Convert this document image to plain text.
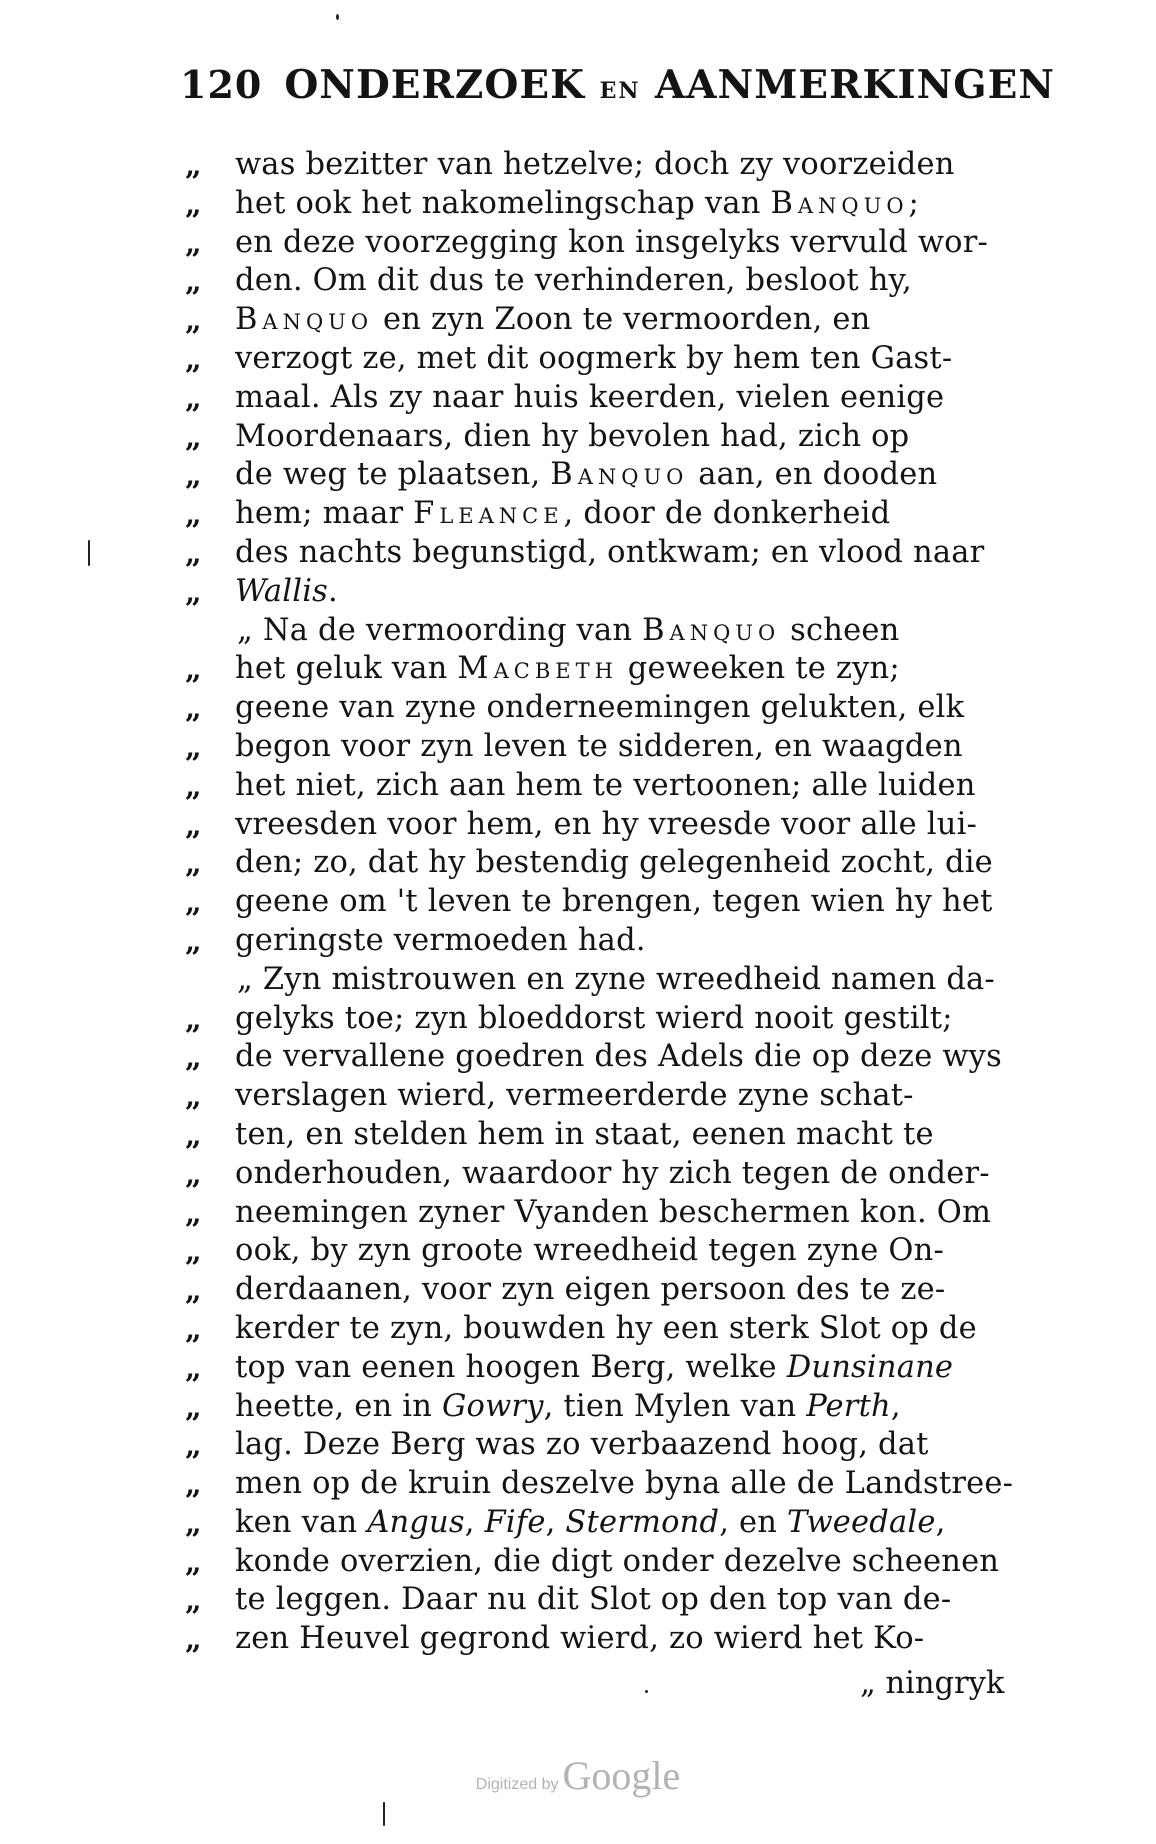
120 ONDERZOEK EN AANMERKINGEN
„ was bezitter van hetzelve; doch zy voorzeiden
„ het ook het nakomelingschap van Banquo;
„ en deze voorzegging kon insgelyks vervuld wor-
„ den. Om dit dus te verhinderen, besloot hy,
„ Banquo en zyn Zoon te vermoorden, en
„ verzogt ze, met dit oogmerk by hem ten Gast-
„ maal. Als zy naar huis keerden, vielen eenige
„ Moordenaars, dien hy bevolen had, zich op
„ de weg te plaatsen, Banquo aan, en dooden
„ hem; maar Fleance, door de donkerheid
„ des nachts begunstigd, ontkwam; en vlood naar
„ Wallis.
„ Na de vermoording van Banquo scheen
„ het geluk van Macbeth geweeken te zyn;
„ geene van zyne onderneemingen gelukten, elk
„ begon voor zyn leven te sidderen, en waagden
„ het niet, zich aan hem te vertoonen; alle luiden
„ vreesden voor hem, en hy vreesde voor alle lui-
„ den; zo, dat hy bestendig gelegenheid zocht, die
„ geene om 't leven te brengen, tegen wien hy het
„ geringste vermoeden had.
„ Zyn mistrouwen en zyne wreedheid namen da-
„ gelyks toe; zyn bloeddorst wierd nooit gestilt;
„ de vervallene goedren des Adels die op deze wys
„ verslagen wierd, vermeerderde zyne schat-
„ ten, en stelden hem in staat, eenen macht te
„ onderhouden, waardoor hy zich tegen de onder-
„ neemingen zyner Vyanden beschermen kon. Om
„ ook, by zyn groote wreedheid tegen zyne On-
„ derdaanen, voor zyn eigen persoon des te ze-
„ kerder te zyn, bouwden hy een sterk Slot op de
„ top van eenen hoogen Berg, welke Dunsinane
„ heette, en in Gowry, tien Mylen van Perth,
„ lag. Deze Berg was zo verbaazend hoog, dat
„ men op de kruin deszelve byna alle de Landstree-
„ ken van Angus, Fife, Stermond, en Tweedale,
„ konde overzien, die digt onder dezelve scheenen
„ te leggen. Daar nu dit Slot op den top van de-
„ zen Heuvel gegrond wierd, zo wierd het Ko-
„ ningryk
Digitized by Google
